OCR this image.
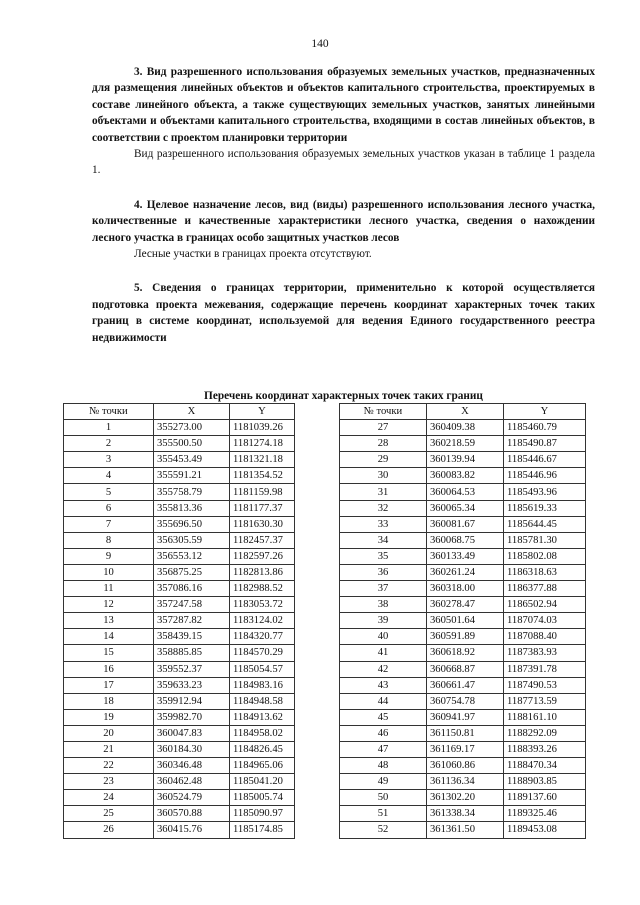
140

3. Вид разрешенного использования образуемых земельных участков, предназначенных для размещения линейных объектов и объектов капитального строительства, проектируемых в составе линейного объекта, а также существующих земельных участков, занятых линейными объектами и объектами капитального строительства, входящими в состав линейных объектов, в соответствии с проектом планировки территории

Вид разрешенного использования образуемых земельных участков указан в таблице 1 раздела 1.

4. Целевое назначение лесов, вид (виды) разрешенного использования лесного участка, количественные и качественные характеристики лесного участка, сведения о нахождении лесного участка в границах особо защитных участков лесов

Лесные участки в границах проекта отсутствуют.

5. Сведения о границах территории, применительно к которой осуществляется подготовка проекта межевания, содержащие перечень координат характерных точек таких границ в системе координат, используемой для ведения Единого государственного реестра недвижимости

Перечень координат характерных точек таких границ
№ точки	X	Y
1	355273.00	1181039.26
2	355500.50	1181274.18
3	355453.49	1181321.18
4	355591.21	1181354.52
5	355758.79	1181159.98
6	355813.36	1181177.37
7	355696.50	1181630.30
8	356305.59	1182457.37
9	356553.12	1182597.26
10	356875.25	1182813.86
11	357086.16	1182988.52
12	357247.58	1183053.72
13	357287.82	1183124.02
14	358439.15	1184320.77
15	358885.85	1184570.29
16	359552.37	1185054.57
17	359633.23	1184983.16
18	359912.94	1184948.58
19	359982.70	1184913.62
20	360047.83	1184958.02
21	360184.30	1184826.45
22	360346.48	1184965.06
23	360462.48	1185041.20
24	360524.79	1185005.74
25	360570.88	1185090.97
26	360415.76	1185174.85
№ точки	X	Y
27	360409.38	1185460.79
28	360218.59	1185490.87
29	360139.94	1185446.67
30	360083.82	1185446.96
31	360064.53	1185493.96
32	360065.34	1185619.33
33	360081.67	1185644.45
34	360068.75	1185781.30
35	360133.49	1185802.08
36	360261.24	1186318.63
37	360318.00	1186377.88
38	360278.47	1186502.94
39	360501.64	1187074.03
40	360591.89	1187088.40
41	360618.92	1187383.93
42	360668.87	1187391.78
43	360661.47	1187490.53
44	360754.78	1187713.59
45	360941.97	1188161.10
46	361150.81	1188292.09
47	361169.17	1188393.26
48	361060.86	1188470.34
49	361136.34	1188903.85
50	361302.20	1189137.60
51	361338.34	1189325.46
52	361361.50	1189453.08
